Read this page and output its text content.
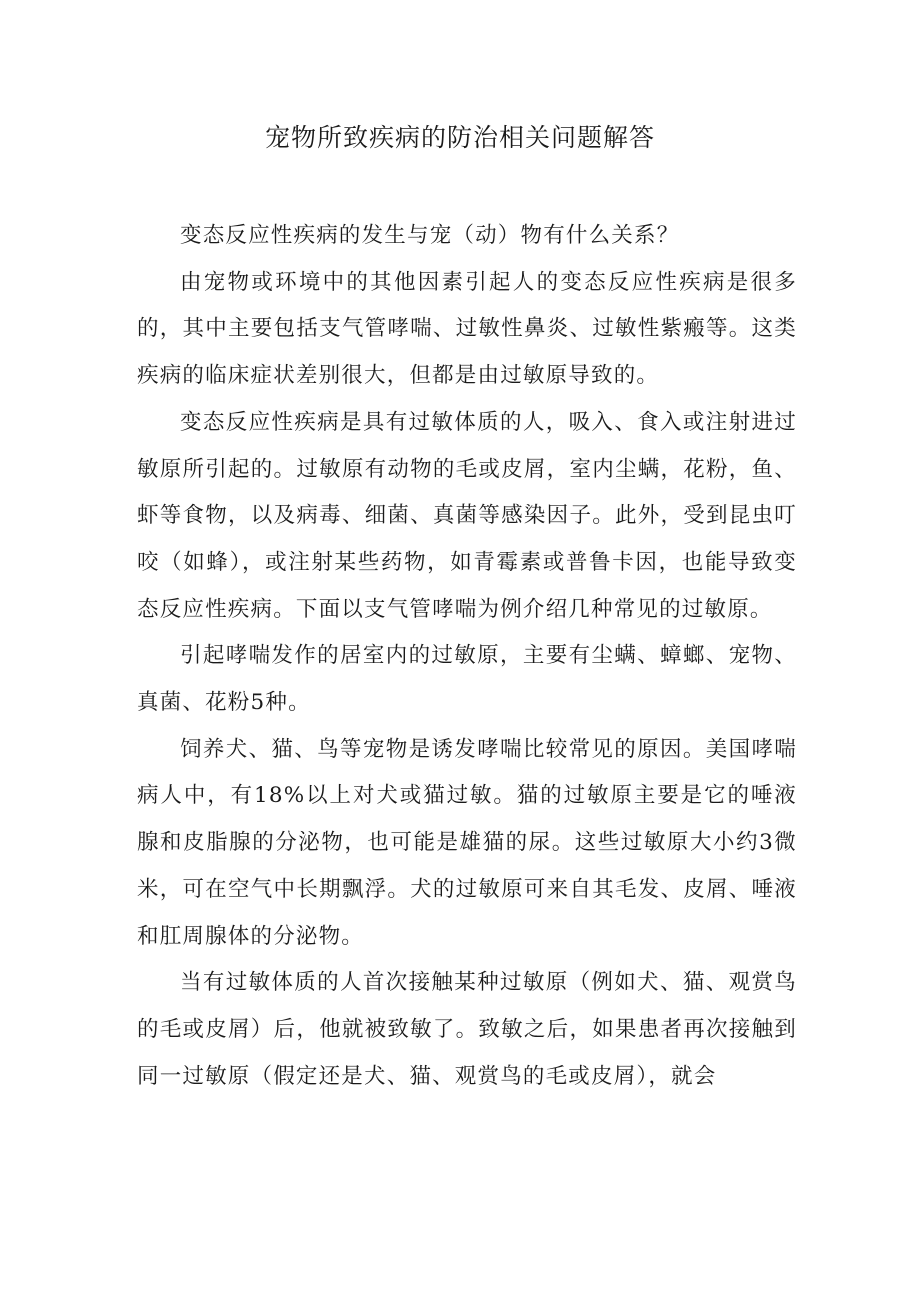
宠物所致疾病的防治相关问题解答

变态反应性疾病的发生与宠（动）物有什么关系？

由宠物或环境中的其他因素引起人的变态反应性疾病是很多的，其中主要包括支气管哮喘、过敏性鼻炎、过敏性紫瘢等。这类疾病的临床症状差别很大，但都是由过敏原导致的。

变态反应性疾病是具有过敏体质的人，吸入、食入或注射进过敏原所引起的。过敏原有动物的毛或皮屑，室内尘螨，花粉，鱼、虾等食物，以及病毒、细菌、真菌等感染因子。此外，受到昆虫叮咬（如蜂），或注射某些药物，如青霉素或普鲁卡因，也能导致变态反应性疾病。下面以支气管哮喘为例介绍几种常见的过敏原。

引起哮喘发作的居室内的过敏原，主要有尘螨、蟑螂、宠物、真菌、花粉5种。

饲养犬、猫、鸟等宠物是诱发哮喘比较常见的原因。美国哮喘病人中，有18%以上对犬或猫过敏。猫的过敏原主要是它的唾液腺和皮脂腺的分泌物，也可能是雄猫的尿。这些过敏原大小约3微米，可在空气中长期飘浮。犬的过敏原可来自其毛发、皮屑、唾液和肛周腺体的分泌物。

当有过敏体质的人首次接触某种过敏原（例如犬、猫、观赏鸟的毛或皮屑）后，他就被致敏了。致敏之后，如果患者再次接触到同一过敏原（假定还是犬、猫、观赏鸟的毛或皮屑），就会
